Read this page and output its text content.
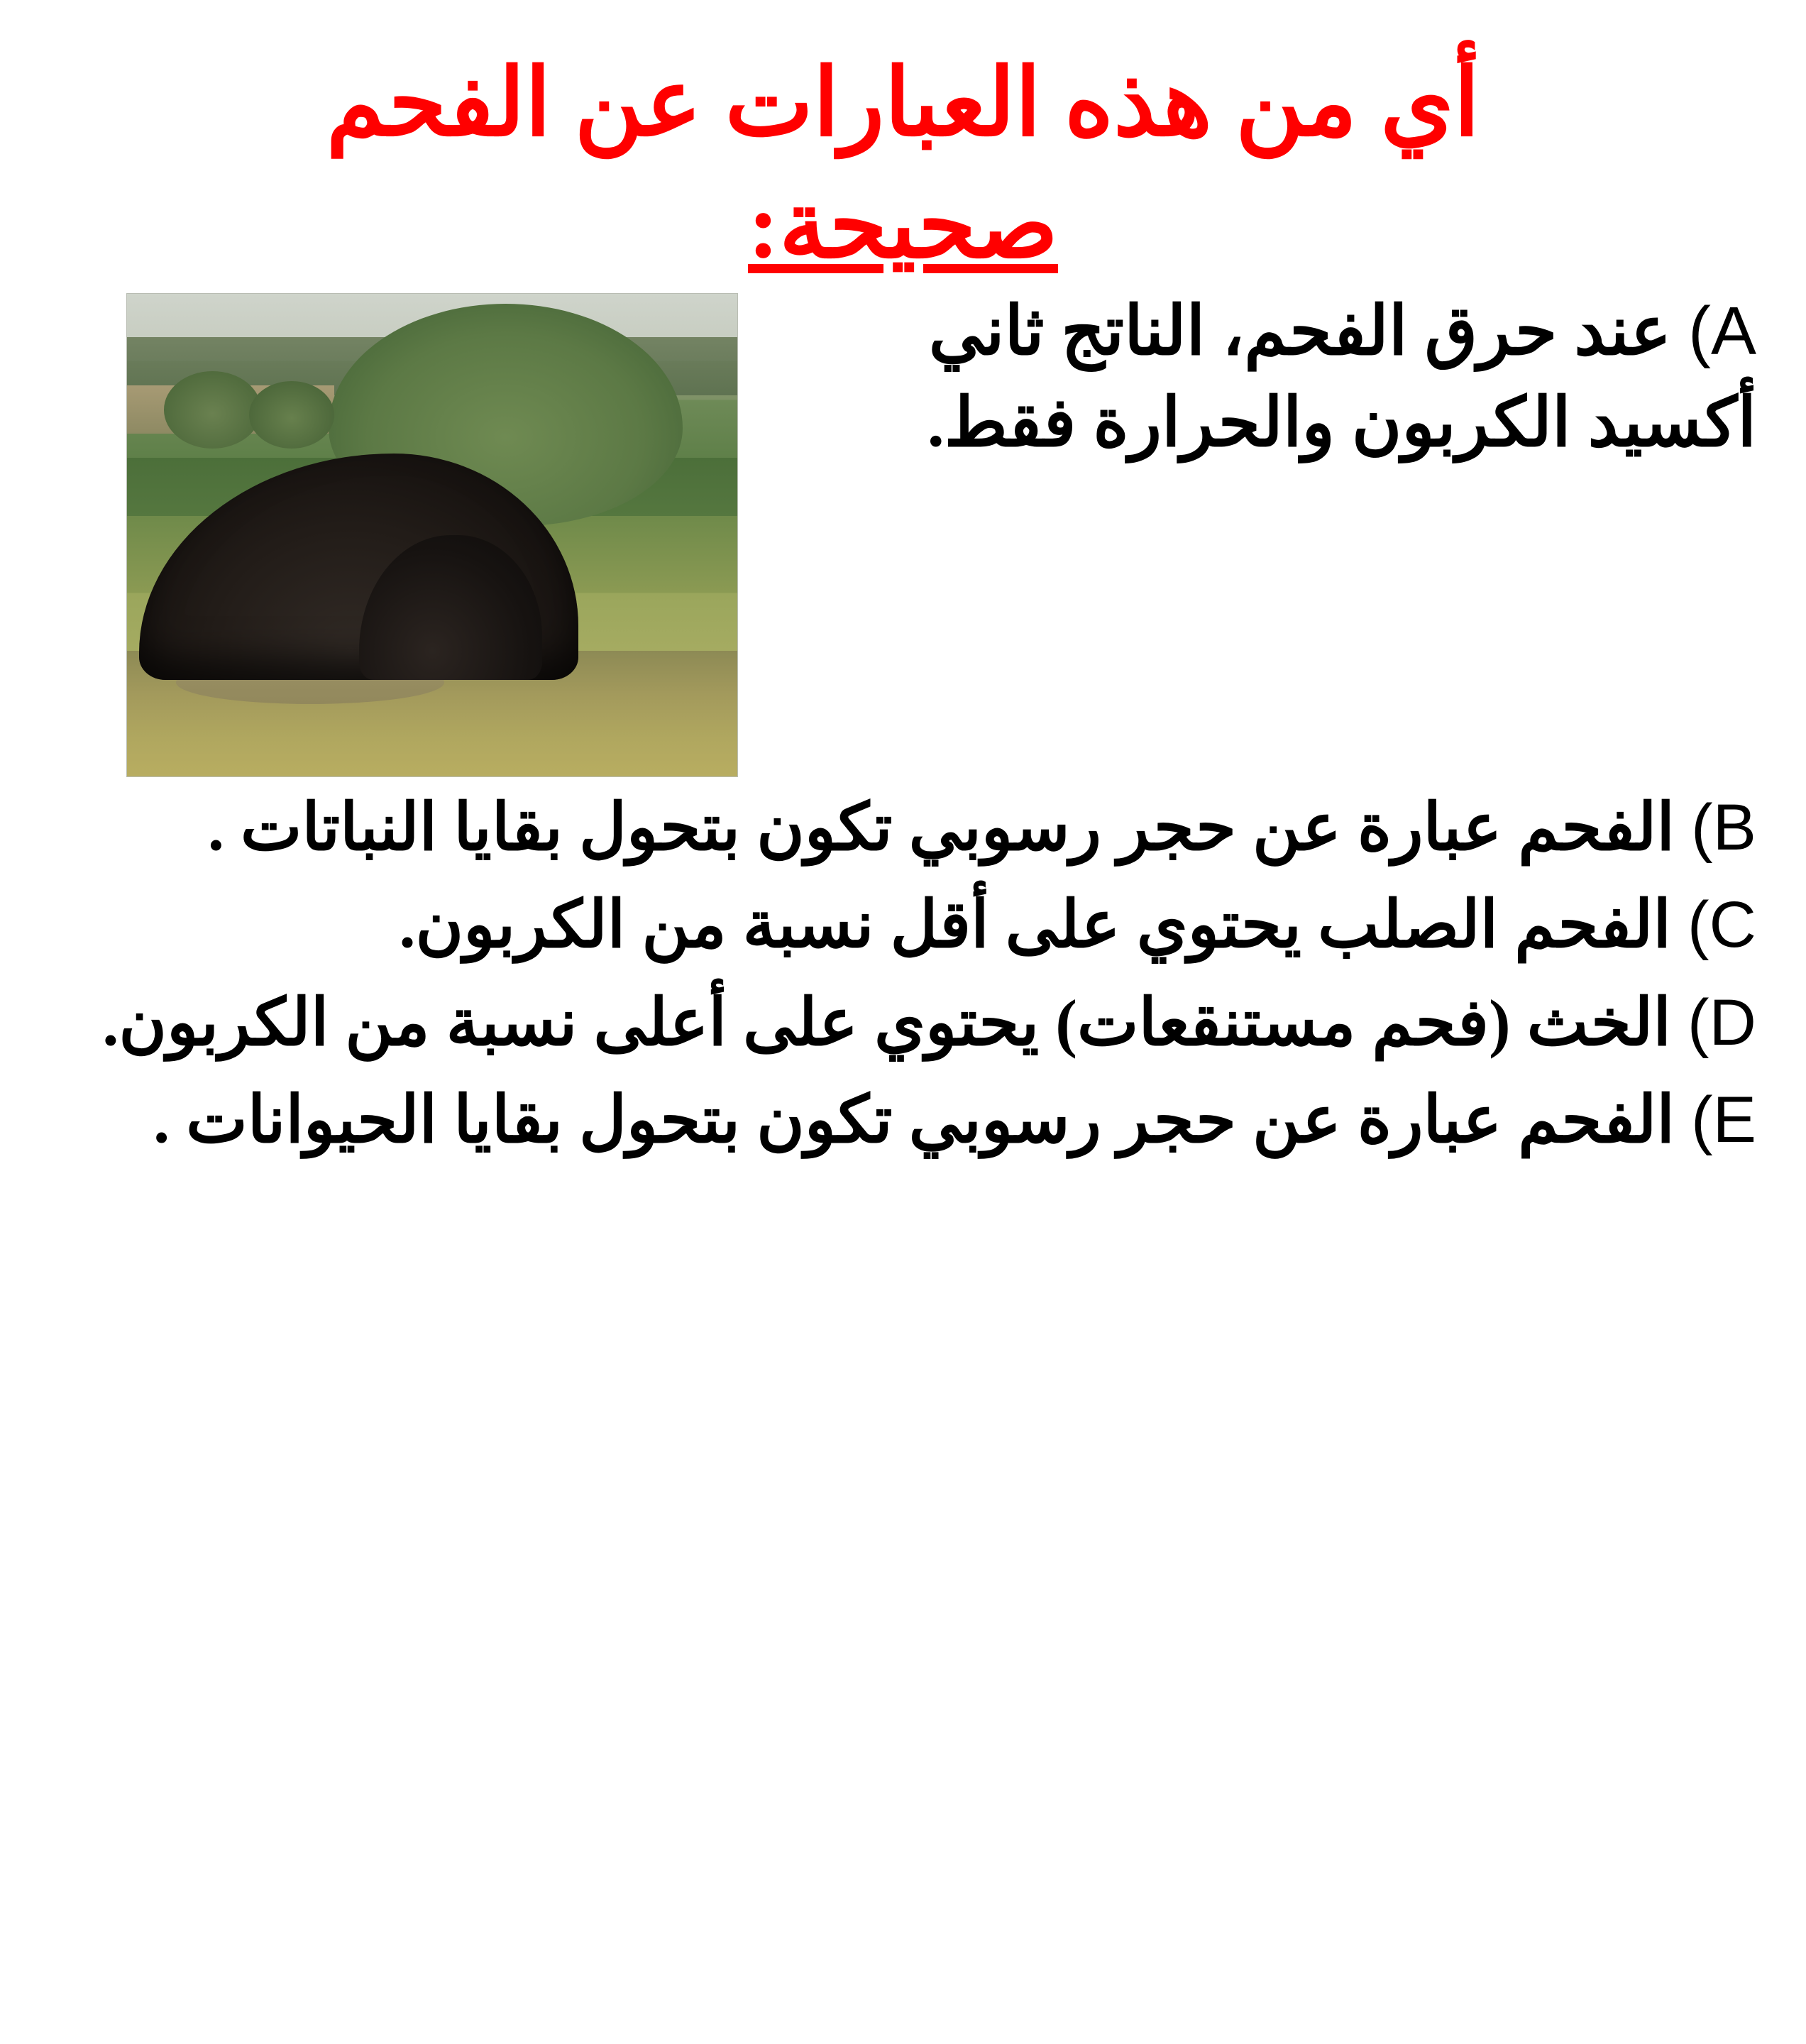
أي من هذه العبارات عن الفحم
صحيحة:

A) عند حرق الفحم، الناتج ثاني أكسيد الكربون والحرارة فقط.

B) الفحم عبارة عن حجر رسوبي تكون بتحول بقايا النباتات .

C) الفحم الصلب يحتوي على أقل نسبة من الكربون.

D) الخث (فحم مستنقعات) يحتوي على أعلى نسبة من الكربون.

E) الفحم عبارة عن حجر رسوبي تكون بتحول بقايا الحيوانات .
